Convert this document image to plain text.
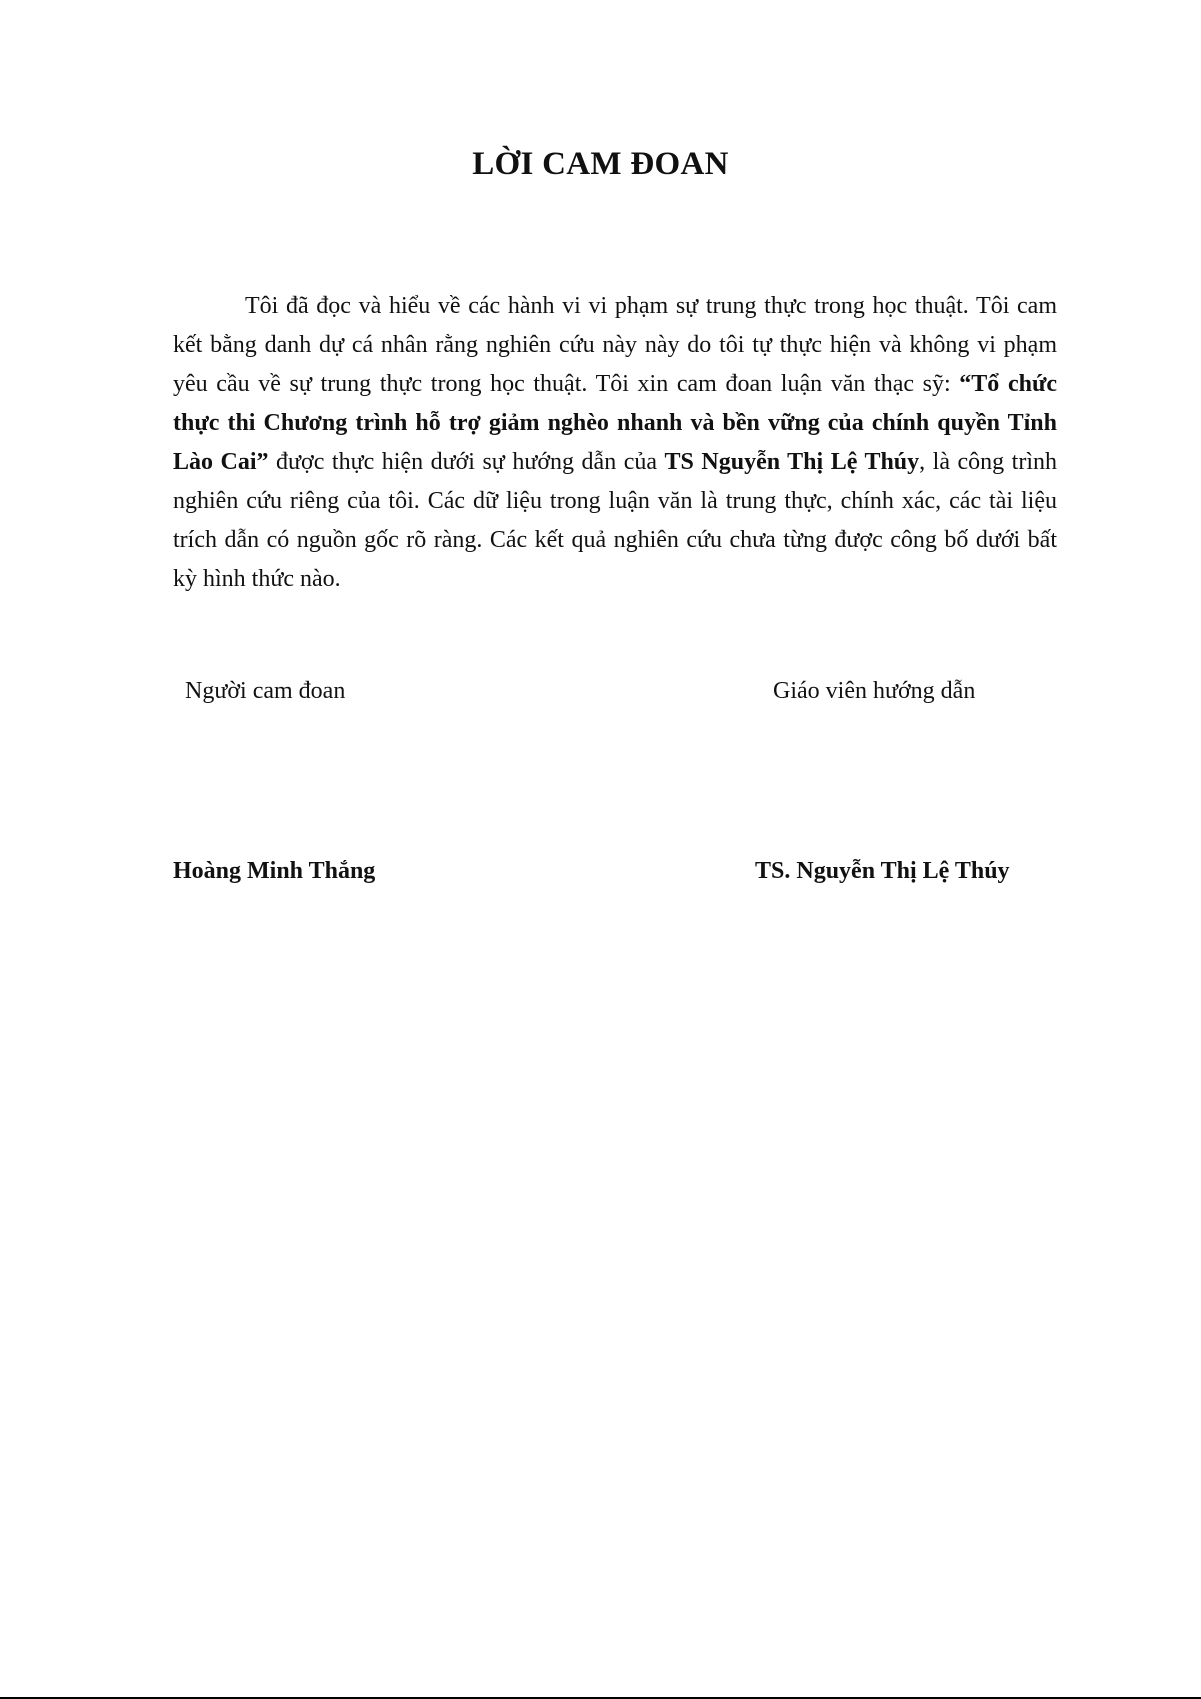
LỜI CAM ĐOAN

Tôi đã đọc và hiểu về các hành vi vi phạm sự trung thực trong học thuật. Tôi cam kết bằng danh dự cá nhân rằng nghiên cứu này này do tôi tự thực hiện và không vi phạm yêu cầu về sự trung thực trong học thuật. Tôi xin cam đoan luận văn thạc sỹ: “Tổ chức thực thi Chương trình hỗ trợ giảm nghèo nhanh và bền vững của chính quyền Tỉnh Lào Cai” được thực hiện dưới sự hướng dẫn của TS Nguyễn Thị Lệ Thúy, là công trình nghiên cứu riêng của tôi. Các dữ liệu trong luận văn là trung thực, chính xác, các tài liệu trích dẫn có nguồn gốc rõ ràng. Các kết quả nghiên cứu chưa từng được công bố dưới bất kỳ hình thức nào.

Người cam đoan	Giáo viên hướng dẫn

Hoàng Minh Thắng	TS. Nguyễn Thị Lệ Thúy
